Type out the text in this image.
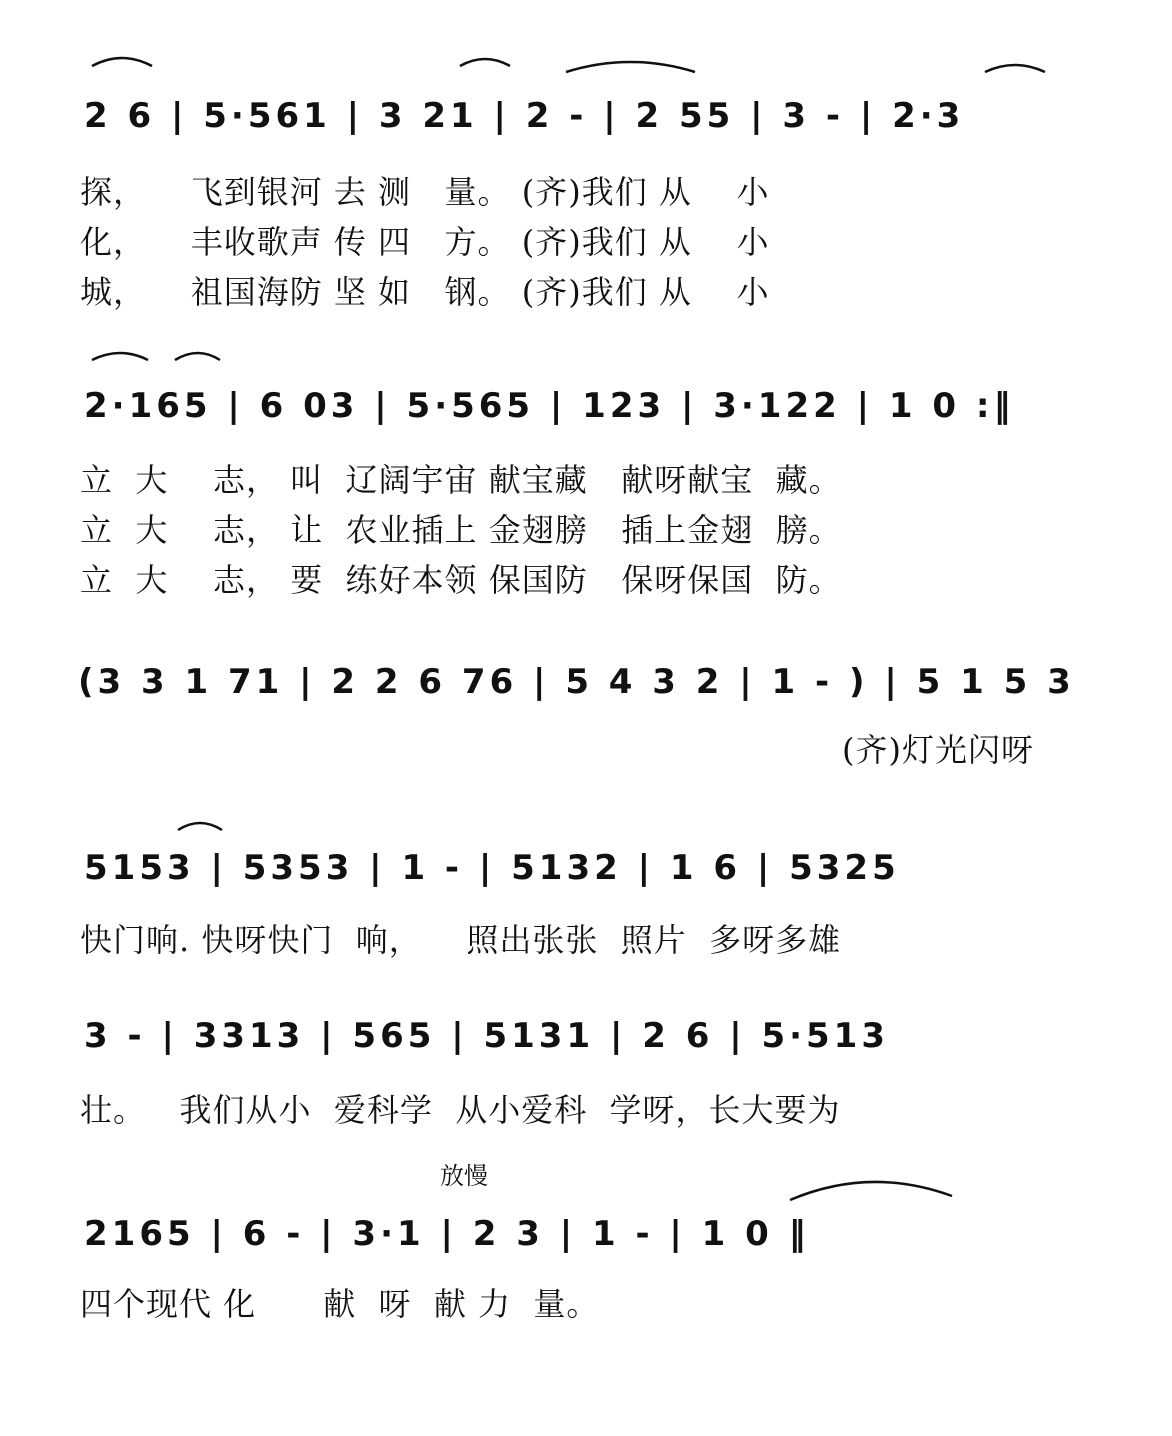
2 6 | 5·561 | 3 21 | 2 - | 2 55 | 3 - | 2·3
探，    飞到银河 去 测   量。 (齐)我们 从    小
化，    丰收歌声 传 四   方。 (齐)我们 从    小
城，    祖国海防 坚 如   钢。 (齐)我们 从    小
2·165 | 6 03 | 5·565 | 123 | 3·122 | 1 0 :‖
立  大    志， 叫  辽阔宇宙 献宝藏   献呀献宝  藏。
立  大    志， 让  农业插上 金翅膀   插上金翅  膀。
立  大    志， 要  练好本领 保国防   保呀保国  防。
(3 3 1 71 | 2 2 6 76 | 5 4 3 2 | 1 - ) | 5 1 5 3
(齐)灯光闪呀
5153 | 5353 | 1 - | 5132 | 1 6 | 5325
快门响. 快呀快门  响，    照出张张  照片  多呀多雄
3 - | 3313 | 565 | 5131 | 2 6 | 5·513
壮。   我们从小  爱科学  从小爱科  学呀，长大要为
放慢
2165 | 6 - | 3·1 | 2 3 | 1 - | 1 0 ‖
四个现代 化      献  呀  献 力  量。
